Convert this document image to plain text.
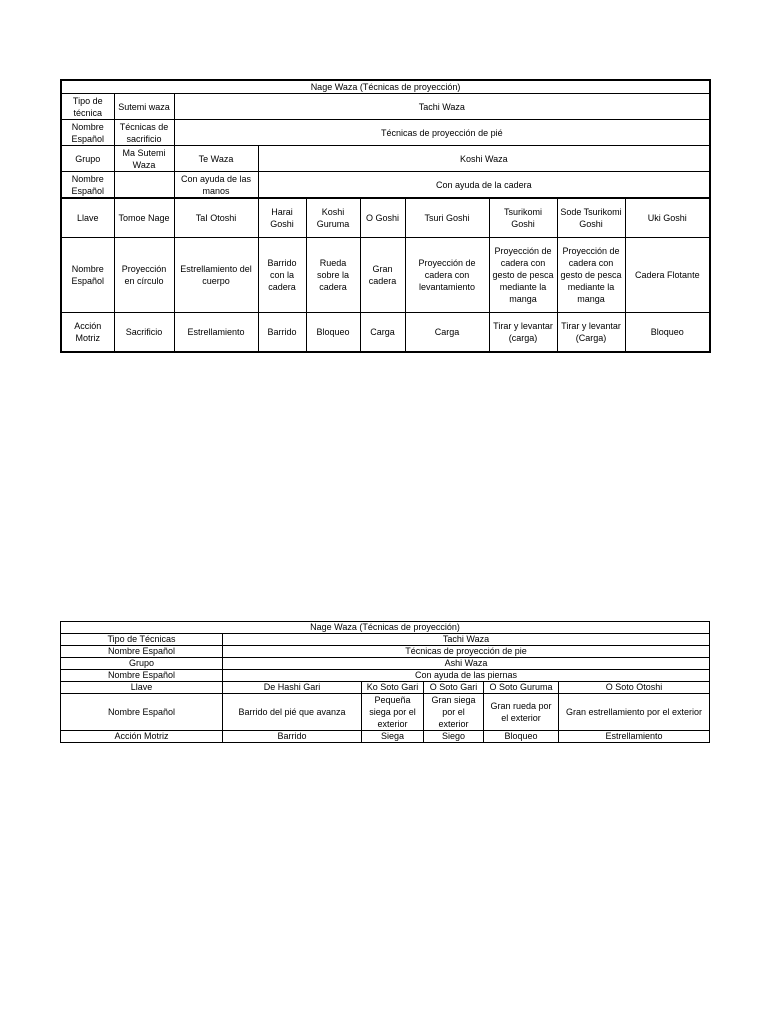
Nage Waza (Técnicas de proyección)									
Tipo de técnica	Sutemi waza	Tachi Waza							
Nombre Español	Técnicas de sacrificio	Técnicas de proyección de pié							
Grupo	Ma Sutemi Waza	Te Waza	Koshi Waza						
Nombre Español		Con ayuda de las manos	Con ayuda de la cadera						
Llave	Tomoe Nage	TaI Otoshi	Harai Goshi	Koshi Guruma	O Goshi	Tsuri Goshi	Tsurikomi Goshi	Sode Tsurikomi Goshi	Uki Goshi
Nombre Español	Proyección en círculo	Estrellamiento del cuerpo	Barrido con la cadera	Rueda sobre la cadera	Gran cadera	Proyección de cadera con levantamiento	Proyección de cadera con gesto de pesca mediante la manga	Proyección de cadera con gesto de pesca mediante la manga	Cadera Flotante
Acción Motriz	Sacrificio	Estrellamiento	Barrido	Bloqueo	Carga	Carga	Tirar y levantar (carga)	Tirar y levantar (Carga)	Bloqueo
Nage Waza (Técnicas de proyección)					
Tipo de Técnicas	Tachi Waza				
Nombre Español	Técnicas de proyección de pie				
Grupo	Ashi Waza				
Nombre Español	Con ayuda de las piernas				
Llave	De Hashi Gari	Ko Soto Gari	O Soto Gari	O Soto Guruma	O Soto Otoshi
Nombre Español	Barrido del pié que avanza	Pequeña siega por el exterior	Gran siega por el exterior	Gran rueda por el exterior	Gran estrellamiento por el exterior
Acción Motriz	Barrido	Siega	Siego	Bloqueo	Estrellamiento
